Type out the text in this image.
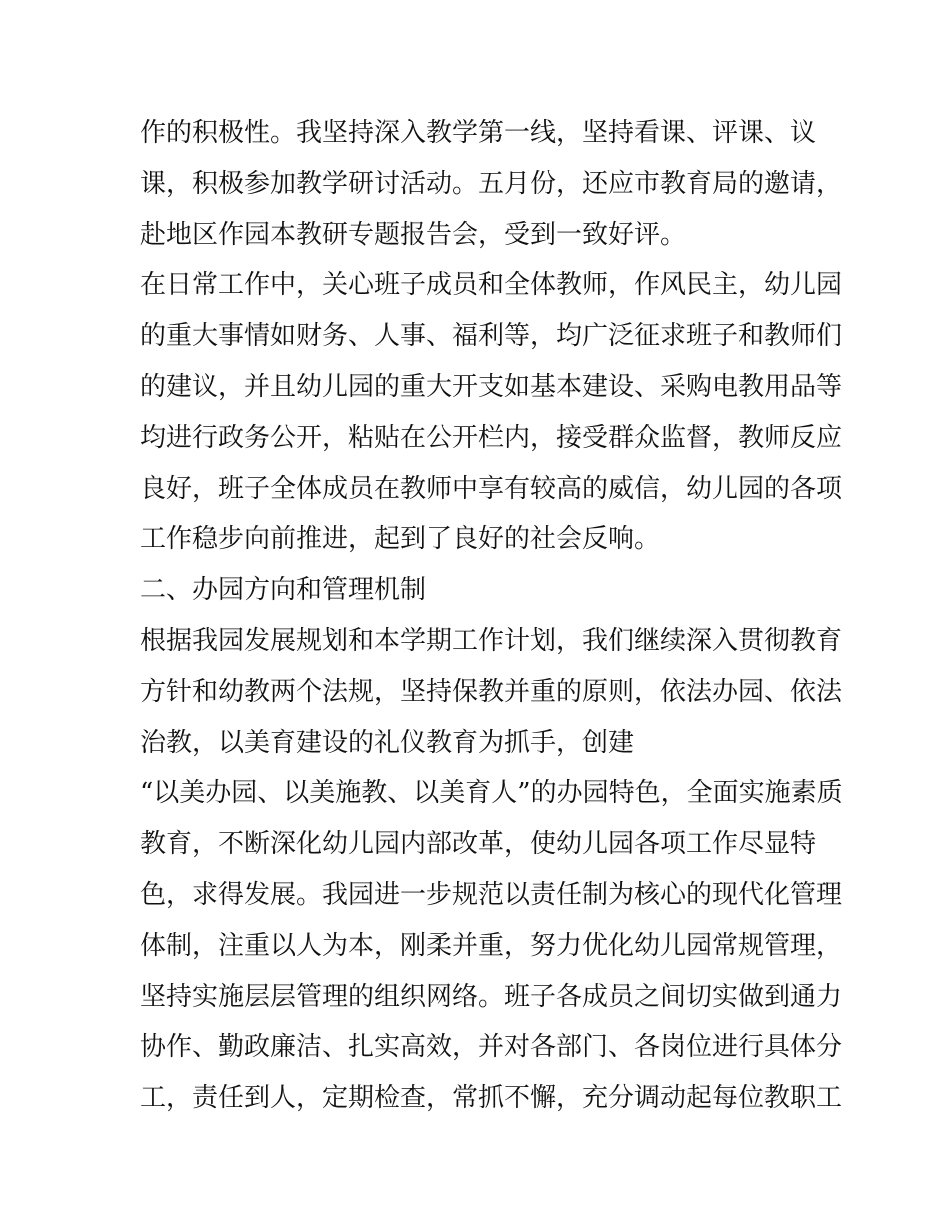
作的积极性。我坚持深入教学第一线，坚持看课、评课、议
课，积极参加教学研讨活动。五月份，还应市教育局的邀请，
赴地区作园本教研专题报告会，受到一致好评。
在日常工作中，关心班子成员和全体教师，作风民主，幼儿园
的重大事情如财务、人事、福利等，均广泛征求班子和教师们
的建议，并且幼儿园的重大开支如基本建设、采购电教用品等
均进行政务公开，粘贴在公开栏内，接受群众监督，教师反应
良好，班子全体成员在教师中享有较高的威信，幼儿园的各项
工作稳步向前推进，起到了良好的社会反响。
二、办园方向和管理机制
根据我园发展规划和本学期工作计划，我们继续深入贯彻教育
方针和幼教两个法规，坚持保教并重的原则，依法办园、依法
治教，以美育建设的礼仪教育为抓手，创建
“以美办园、以美施教、以美育人”的办园特色，全面实施素质
教育，不断深化幼儿园内部改革，使幼儿园各项工作尽显特
色，求得发展。我园进一步规范以责任制为核心的现代化管理
体制，注重以人为本，刚柔并重，努力优化幼儿园常规管理，
坚持实施层层管理的组织网络。班子各成员之间切实做到通力
协作、勤政廉洁、扎实高效，并对各部门、各岗位进行具体分
工，责任到人，定期检查，常抓不懈，充分调动起每位教职工
